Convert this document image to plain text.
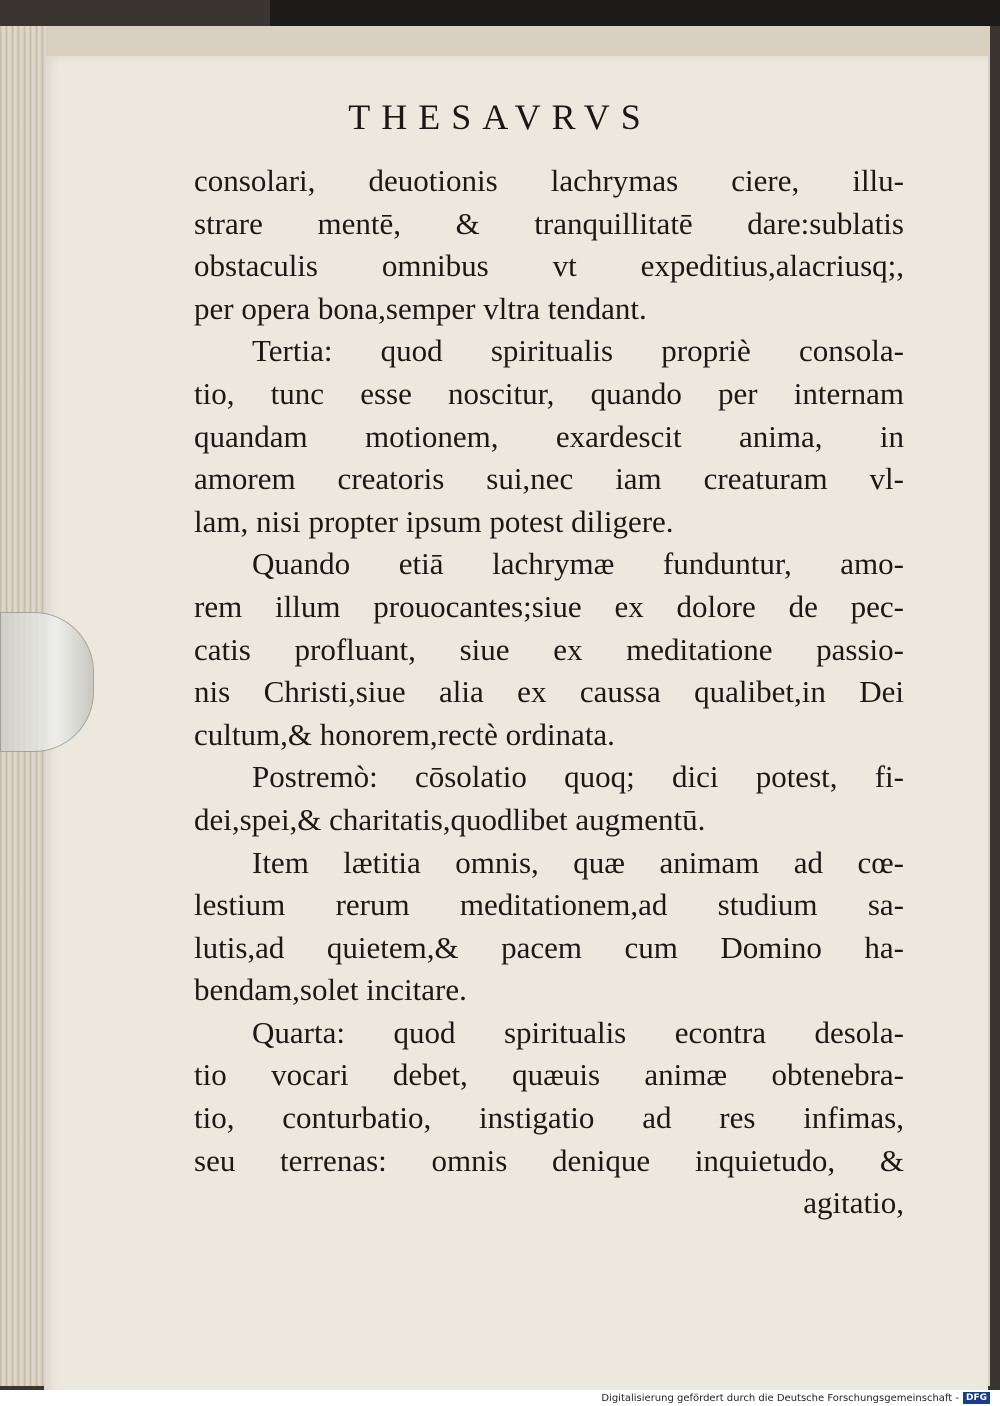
THESAVRVS
consolari, deuotionis lachrymas ciere, illu-
strare mentē, & tranquillitatē dare:sublatis
obstaculis omnibus vt expeditius,alacriusq;,
per opera bona,semper vltra tendant.
Tertia: quod spiritualis propriè consola-
tio, tunc esse noscitur, quando per internam
quandam motionem, exardescit anima, in
amorem creatoris sui,nec iam creaturam vl-
lam, nisi propter ipsum potest diligere.
Quando etiā lachrymæ funduntur, amo-
rem illum prouocantes;siue ex dolore de pec-
catis profluant, siue ex meditatione passio-
nis Christi,siue alia ex caussa qualibet,in Dei
cultum,& honorem,rectè ordinata.
Postremò: cōsolatio quoq; dici potest, fi-
dei,spei,& charitatis,quodlibet augmentū.
Item lætitia omnis, quæ animam ad cœ-
lestium rerum meditationem,ad studium sa-
lutis,ad quietem,& pacem cum Domino ha-
bendam,solet incitare.
Quarta: quod spiritualis econtra desola-
tio vocari debet, quæuis animæ obtenebra-
tio, conturbatio, instigatio ad res infimas,
seu terrenas: omnis denique inquietudo, &
agitatio,
Digitalisierung gefördert durch die Deutsche Forschungsgemeinschaft - DFG
